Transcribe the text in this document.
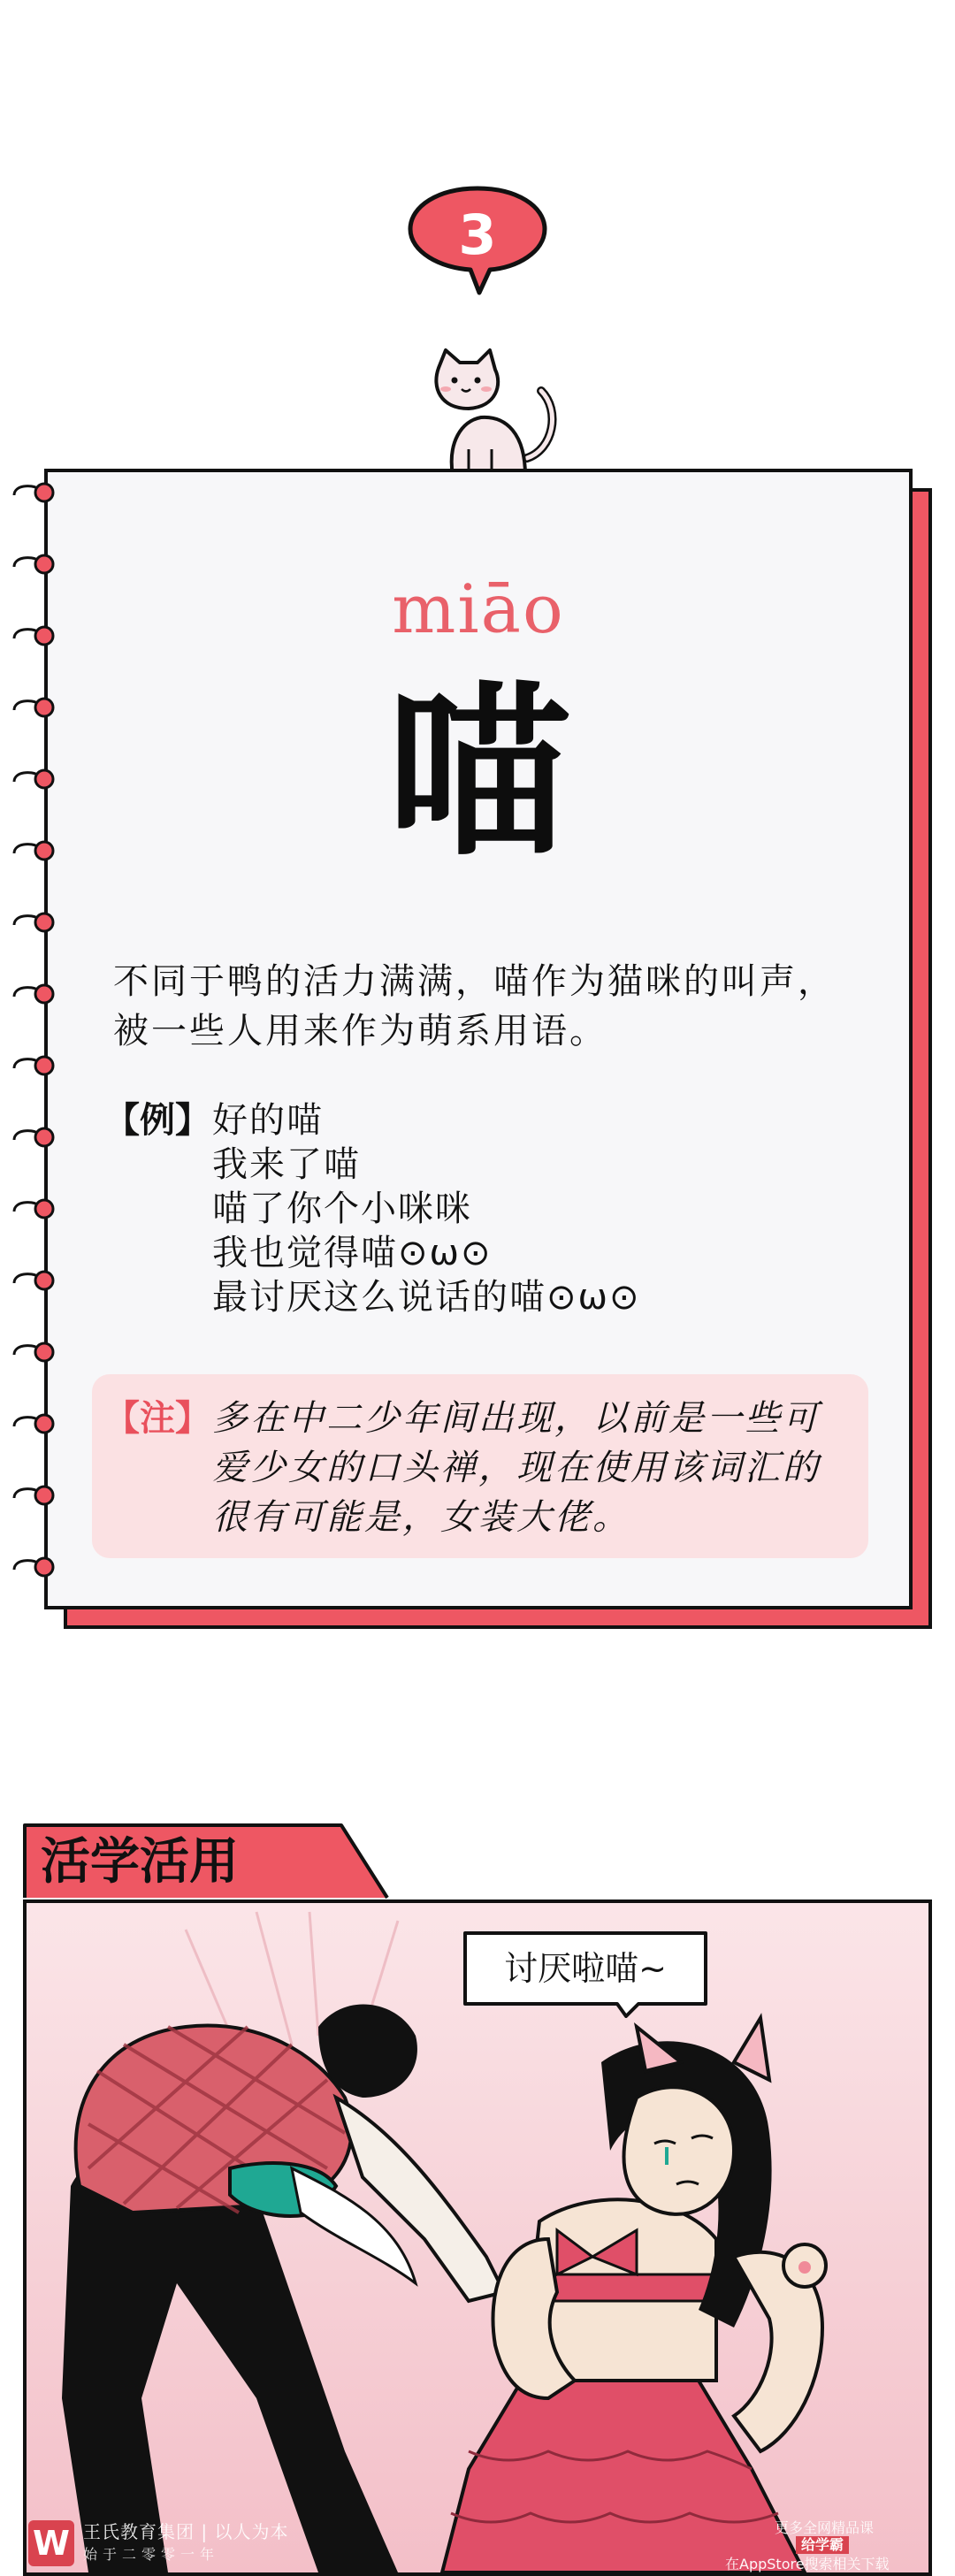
3
miāo
喵
不同于鸭的活力满满，喵作为猫咪的叫声，被一些人用来作为萌系用语。
【例】 好的喵
我来了喵
喵了你个小咪咪
我也觉得喵⊙ω⊙
最讨厌这么说话的喵⊙ω⊙
【注】 多在中二少年间出现，以前是一些可爱少女的口头禅，现在使用该词汇的很有可能是，女装大佬。
活学活用
讨厌啦喵~
W 王氏教育集团 | 以人为本
始于二零零一年
更多全网精品课
给学霸
在AppStore搜索相关下载
